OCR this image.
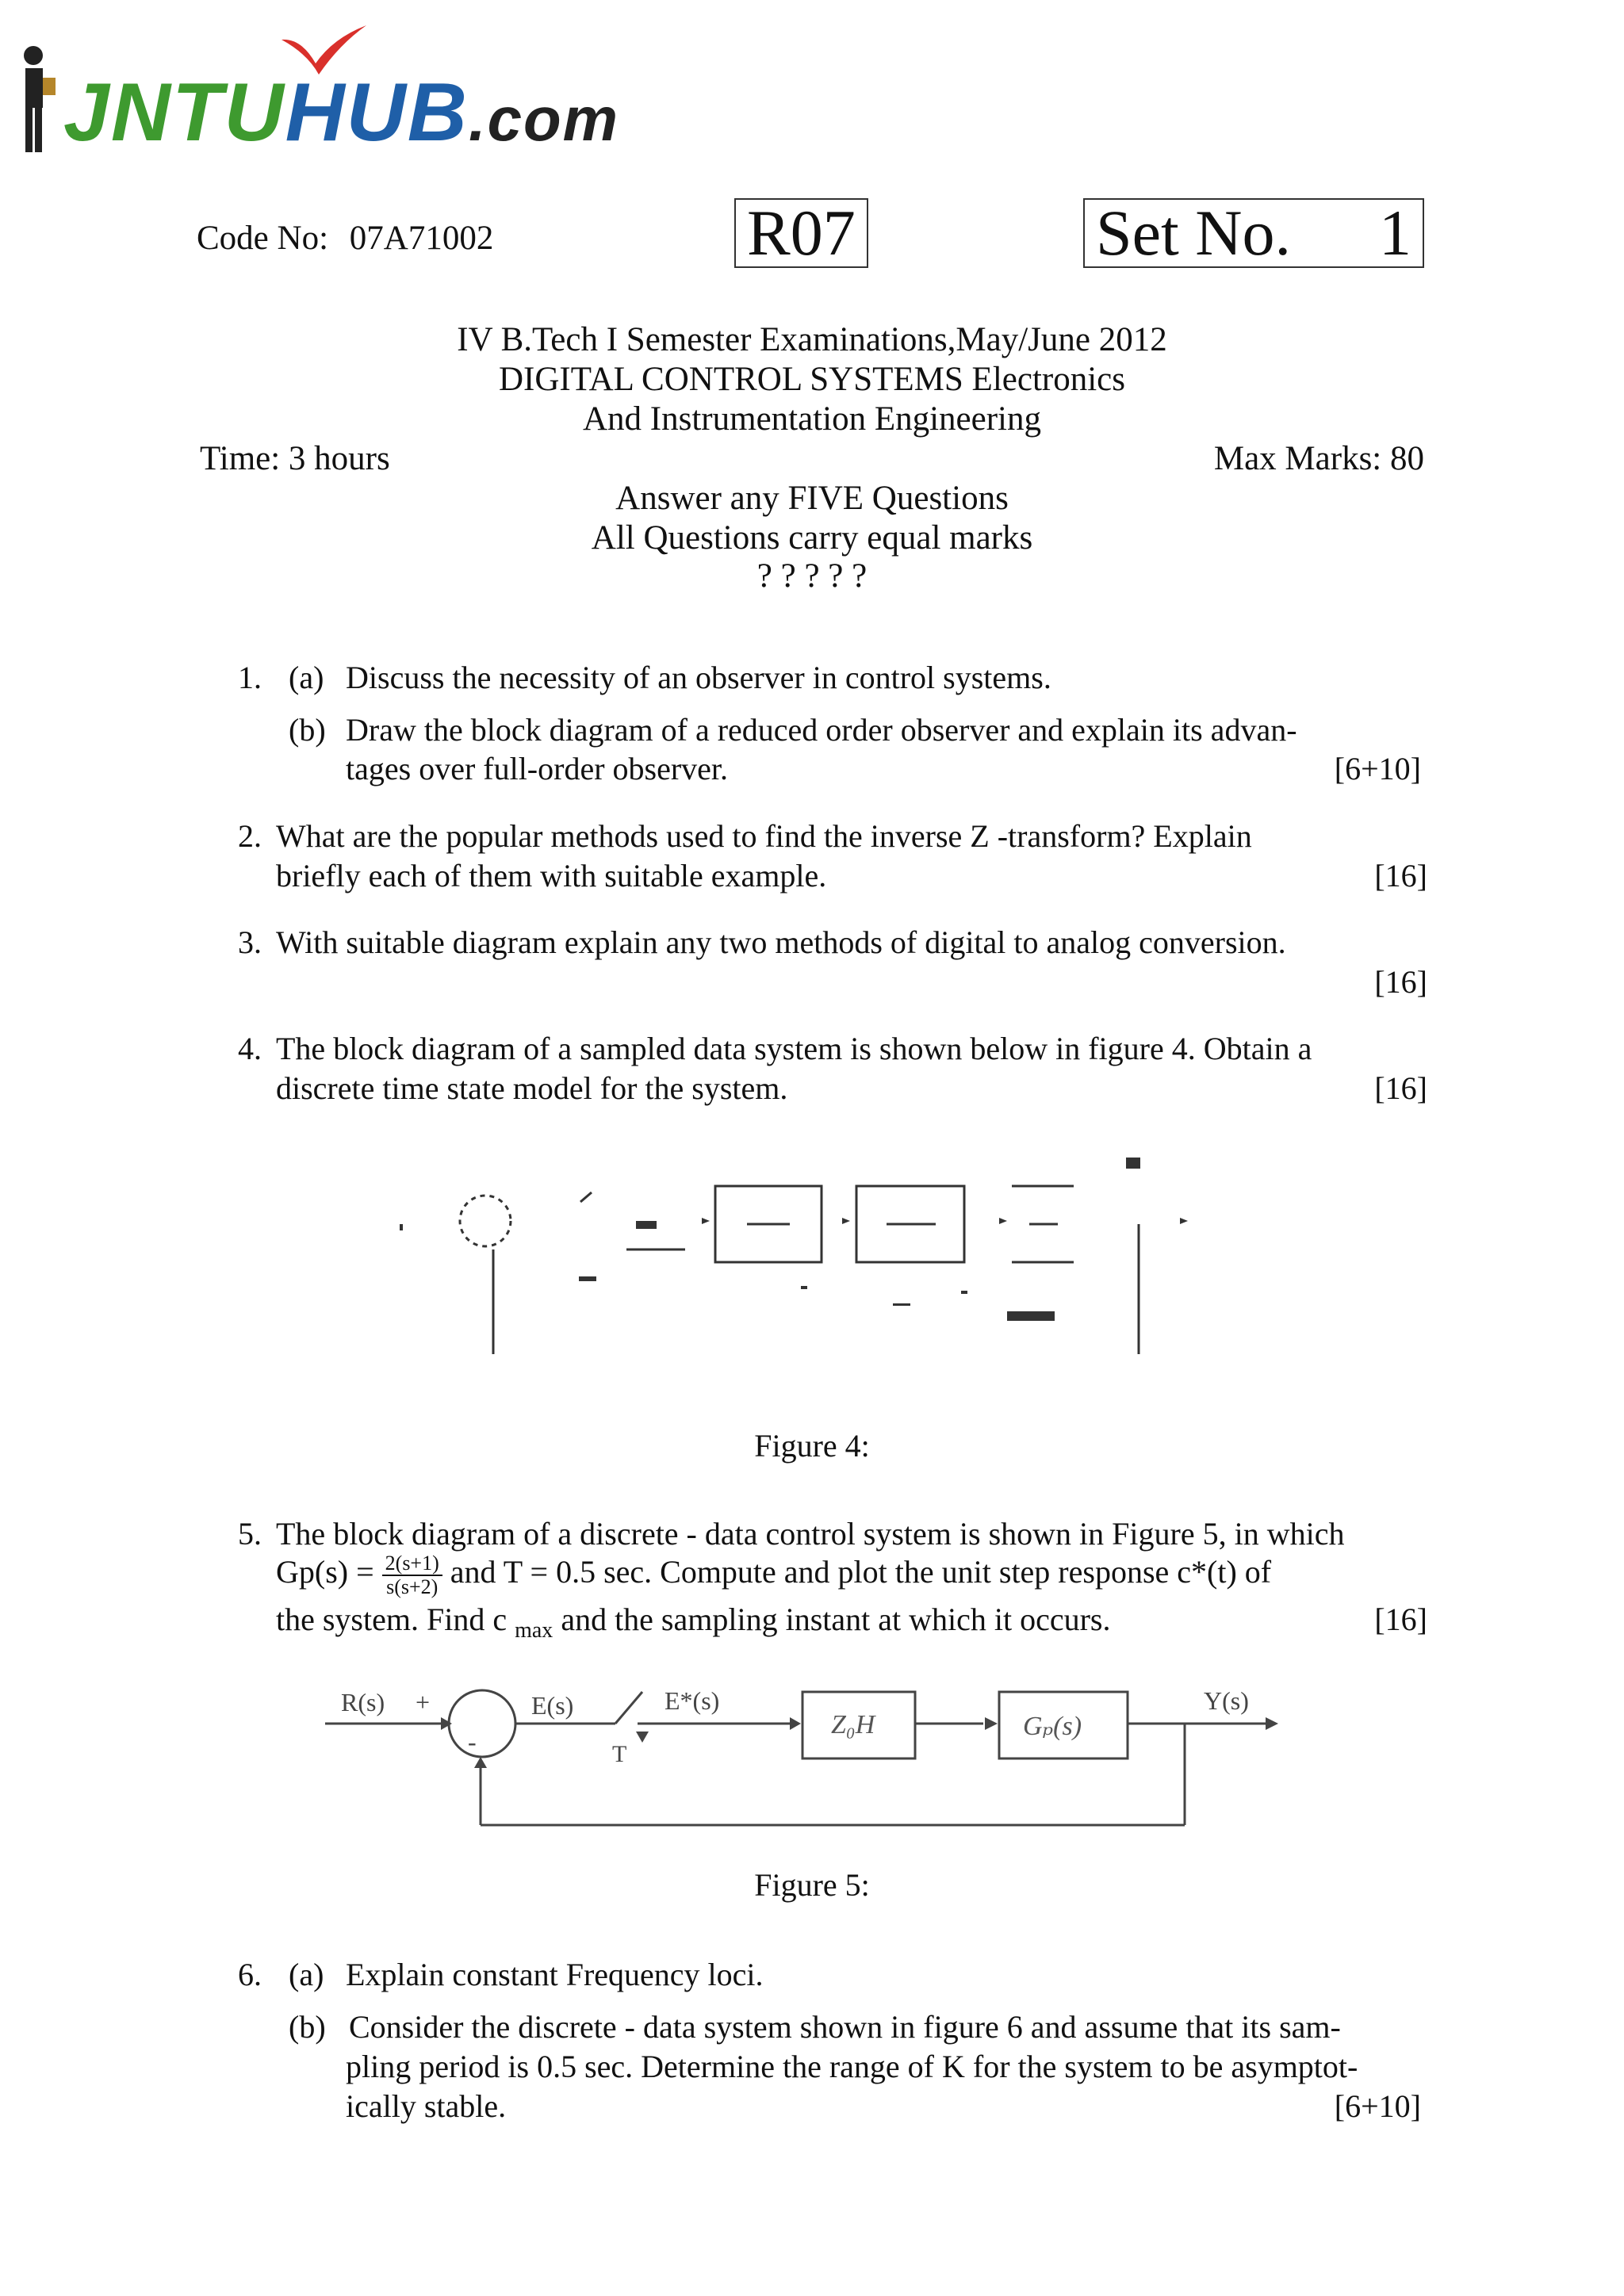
JNTUHUB.com
Code No: 07A71002	R07	Set No. 1
IV B.Tech I Semester Examinations,May/June 2012
DIGITAL CONTROL SYSTEMS Electronics
And Instrumentation Engineering
Time: 3 hours	Max Marks: 80
Answer any FIVE Questions
All Questions carry equal marks
? ? ? ? ?
1. (a) Discuss the necessity of an observer in control systems.
(b) Draw the block diagram of a reduced order observer and explain its advan-
tages over full-order observer.	[6+10]
2. What are the popular methods used to find the inverse Z -transform? Explain
briefly each of them with suitable example.	[16]
3. With suitable diagram explain any two methods of digital to analog conversion.
[16]
4. The block diagram of a sampled data system is shown below in figure 4. Obtain a
discrete time state model for the system.	[16]
Figure 4:
5. The block diagram of a discrete - data control system is shown in Figure 5, in which
$Gp(s) = \frac{2(s+1)}{s(s+2)}$ and T = 0.5 sec. Compute and plot the unit step response c*(t) of
the system. Find c $_{max}$ and the sampling instant at which it occurs.	[16]
R(s) +
-
E(s)	E*(s)
T
Z₀H	Gₚ(s)
Y(s)
Figure 5:
6. (a) Explain constant Frequency loci.
(b) Consider the discrete - data system shown in figure 6 and assume that its sam-
pling period is 0.5 sec. Determine the range of K for the system to be asymptot-
ically stable.	[6+10]
